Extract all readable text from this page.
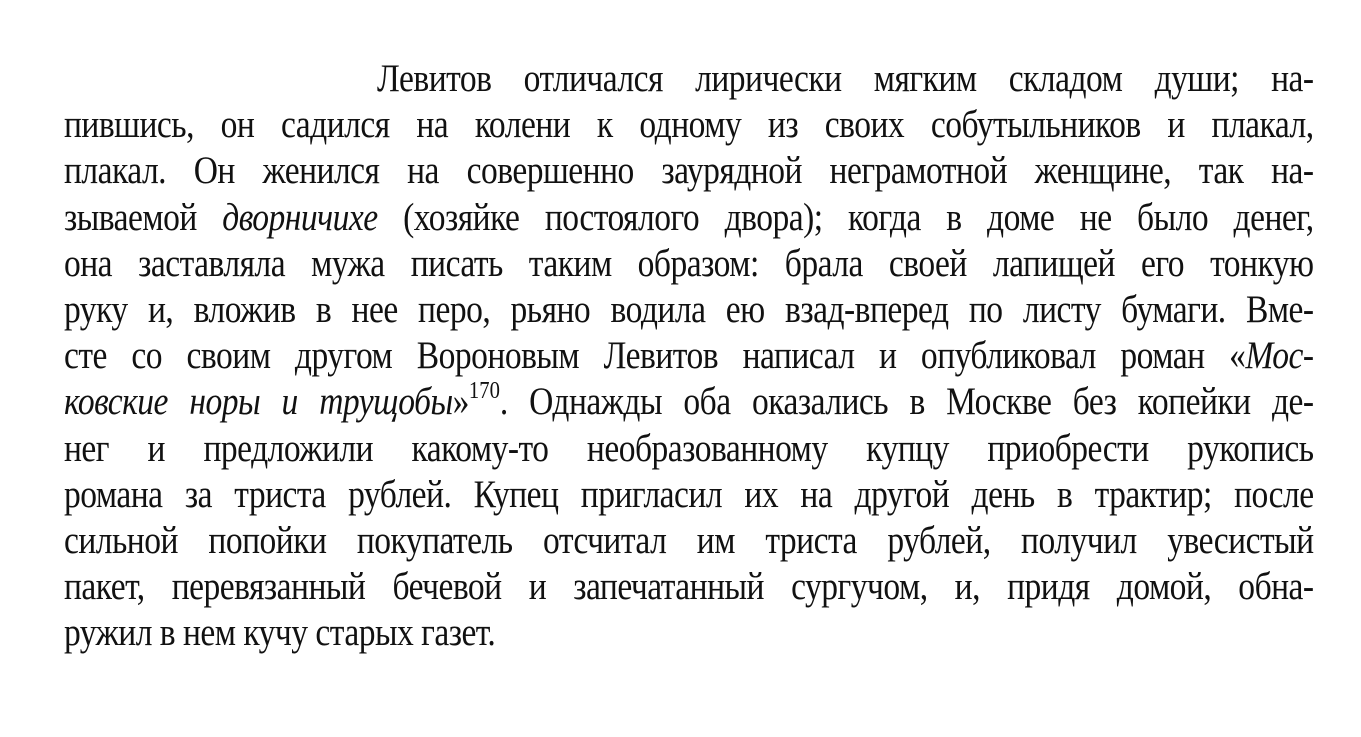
Левитов отличался лирически мягким складом души; на-
пившись, он садился на колени к одному из своих собутыльников и плакал,
плакал. Он женился на совершенно заурядной неграмотной женщине, так на-
зываемой дворничихе (хозяйке постоялого двора); когда в доме не было денег,
она заставляла мужа писать таким образом: брала своей лапищей его тонкую
руку и, вложив в нее перо, рьяно водила ею взад-вперед по листу бумаги. Вме-
сте со своим другом Вороновым Левитов написал и опубликовал роман «Мос-
ковские норы и трущобы»$^{170}$. Однажды оба оказались в Москве без копейки де-
нег и предложили какому-то необразованному купцу приобрести рукопись
романа за триста рублей. Купец пригласил их на другой день в трактир; после
сильной попойки покупатель отсчитал им триста рублей, получил увесистый
пакет, перевязанный бечевой и запечатанный сургучом, и, придя домой, обна-
ружил в нем кучу старых газет.
